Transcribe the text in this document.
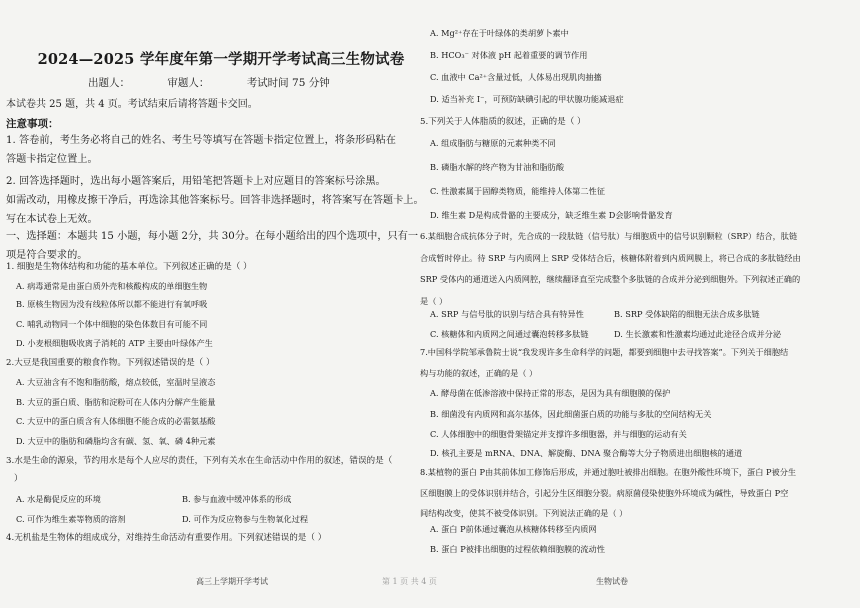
2024—2025 学年度年第一学期开学考试高三生物试卷
出题人：	审题人：	考试时间 75 分钟
本试卷共 25 题，共 4 页。考试结束后请将答题卡交回。
注意事项：
1. 答卷前，考生务必将自己的姓名、考生号等填写在答题卡指定位置上，将条形码粘在
答题卡指定位置上。
2. 回答选择题时，选出每小题答案后，用铅笔把答题卡上对应题目的答案标号涂黑。
如需改动，用橡皮擦干净后，再选涂其他答案标号。回答非选择题时，将答案写在答题卡上。
写在本试卷上无效。
一、选择题：本题共 15 小题，每小题 2分，共 30分。在每小题给出的四个选项中，只有一
项是符合要求的。
1. 细胞是生物体结构和功能的基本单位。下列叙述正确的是（ ）
A. 病毒通常是由蛋白质外壳和核酸构成的单细胞生物
B. 原核生物因为没有线粒体所以都不能进行有氧呼吸
C. 哺乳动物同一个体中细胞的染色体数目有可能不同
D. 小麦根细胞吸收离子消耗的 ATP 主要由叶绿体产生
2.大豆是我国重要的粮食作物。下列叙述错误的是（ ）
A. 大豆油含有不饱和脂肪酸，熔点较低，室温时呈液态
B. 大豆的蛋白质、脂肪和淀粉可在人体内分解产生能量
C. 大豆中的蛋白质含有人体细胞不能合成的必需氨基酸
D. 大豆中的脂肪和磷脂均含有碳、氢、氧、磷 4种元素
3.水是生命的源泉，节约用水是每个人应尽的责任，下列有关水在生命活动中作用的叙述，错误的是（
）
A. 水是酶促反应的环境	B. 参与血液中缓冲体系的形成
C. 可作为维生素等物质的溶剂	D. 可作为反应物参与生物氧化过程
4.无机盐是生物体的组成成分，对维持生命活动有重要作用。下列叙述错误的是（ ）
高三上学期开学考试
A. Mg²⁺存在于叶绿体的类胡萝卜素中
B. HCO₃⁻ 对体液 pH 起着重要的调节作用
C. 血液中 Ca²⁺含量过低，人体易出现肌肉抽搐
D. 适当补充 I⁻，可预防缺碘引起的甲状腺功能减退症
5.下列关于人体脂质的叙述，正确的是（ ）
A. 组成脂肪与糖原的元素种类不同
B. 磷脂水解的终产物为甘油和脂肪酸
C. 性激素属于固醇类物质，能维持人体第二性征
D. 维生素 D是构成骨骼的主要成分，缺乏维生素 D会影响骨骼发育
6.某细胞合成抗体分子时，先合成的一段肽链（信号肽）与细胞质中的信号识别颗粒（SRP）结合，肽链
合成暂时停止。待 SRP 与内质网上 SRP 受体结合后，核糖体附着到内质网膜上，将已合成的多肽链经由
SRP 受体内的通道送入内质网腔，继续翻译直至完成整个多肽链的合成并分泌到细胞外。下列叙述正确的
是（ ）
A. SRP 与信号肽的识别与结合具有特异性	B. SRP 受体缺陷的细胞无法合成多肽链
C. 核糖体和内质网之间通过囊泡转移多肽链	D. 生长激素和性激素均通过此途径合成并分泌
7.中国科学院邹承鲁院士说“我发现许多生命科学的问题，都要到细胞中去寻找答案”。下列关于细胞结
构与功能的叙述，正确的是（ ）
A. 酵母菌在低渗溶液中保持正常的形态，是因为具有细胞膜的保护
B. 细菌没有内质网和高尔基体，因此细菌蛋白质的功能与多肽的空间结构无关
C. 人体细胞中的细胞骨架锚定并支撑许多细胞器，并与细胞的运动有关
D. 核孔主要是 mRNA、DNA、解旋酶、DNA 聚合酶等大分子物质进出细胞核的通道
8.某植物的蛋白 P由其前体加工修饰后形成，并通过胞吐被排出细胞。在胞外酸性环境下，蛋白 P被分生
区细胞膜上的受体识别并结合，引起分生区细胞分裂。病原菌侵染使胞外环境成为碱性，导致蛋白 P空
间结构改变，使其不被受体识别。下列说法正确的是（ ）
A. 蛋白 P前体通过囊泡从核糖体转移至内质网
B. 蛋白 P被排出细胞的过程依赖细胞膜的流动性
第 1 页 共 4 页	生物试卷
